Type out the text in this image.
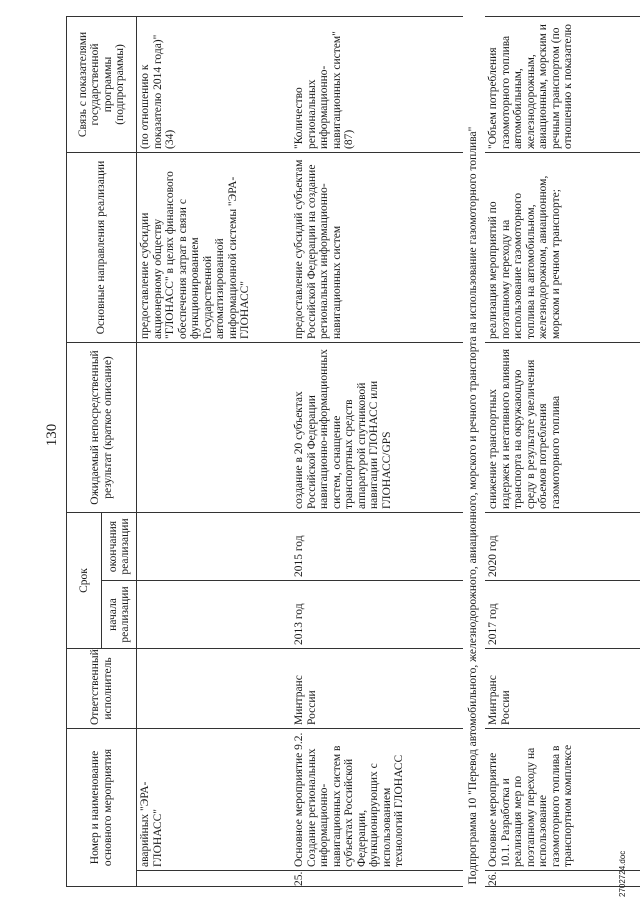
130
Номер и наименование основного мероприятия		Ответственный исполнитель	Срок		Ожидаемый непосредственный результат (краткое описание)	Основные направления реализации	Связь с показателями государственной программы (подпрограммы)
			начала реализации	окончания реализации			
	аварийных "ЭРА-ГЛОНАСС"					предоставление субсидии акционерному обществу "ГЛОНАСС" в целях финансового обеспечения затрат в связи с функционированием Государственной автоматизированной информационной системы "ЭРА-ГЛОНАСС"	(по отношению к показателю 2014 года)" (34)
25.	Основное мероприятие 9.2. Создание региональных информационно-навигационных систем в субъектах Российской Федерации, функционирующих с использованием технологий ГЛОНАСС	Минтранс России	2013 год	2015 год	создание в 20 субъектах Российской Федерации навигационно-информационных систем, оснащение транспортных средств аппаратурой спутниковой навигации ГЛОНАСС или ГЛОНАСС/GPS	предоставление субсидий субъектам Российской Федерации на создание региональных информационно-навигационных систем	"Количество региональных информационно-навигационных систем" (87)
Подпрограмма 10 "Перевод автомобильного, железнодорожного, авиационного, морского и речного транспорта на использование газомоторного топлива"							
26.	Основное мероприятие 10.1. Разработка и реализация мер по поэтапному переходу на использование газомоторного топлива в транспортном комплексе	Минтранс России	2017 год	2020 год	снижение транспортных издержек и негативного влияния транспорта на окружающую среду в результате увеличения объемов потребления газомоторного топлива	реализация мероприятий по поэтапному переходу на использование газомоторного топлива на автомобильном, железнодорожном, авиационном, морском и речном транспорте;	"Объем потребления газомоторного топлива автомобильным, железнодорожным, авиационным, морским и речным транспортом (по отношению к показателю
2702724.doc
